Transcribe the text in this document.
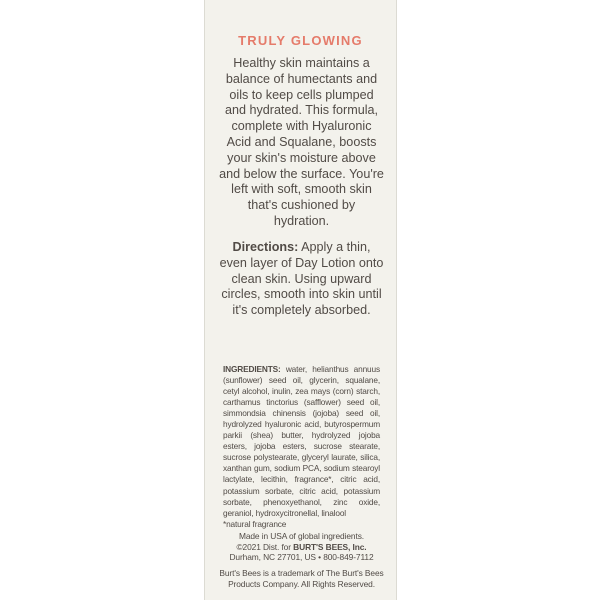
TRULY GLOWING

Healthy skin maintains a balance of humectants and oils to keep cells plumped and hydrated. This formula, complete with Hyaluronic Acid and Squalane, boosts your skin's moisture above and below the surface. You're left with soft, smooth skin that's cushioned by hydration.

Directions: Apply a thin, even layer of Day Lotion onto clean skin. Using upward circles, smooth into skin until it's completely absorbed.

INGREDIENTS: water, helianthus annuus (sunflower) seed oil, glycerin, squalane, cetyl alcohol, inulin, zea mays (corn) starch, carthamus tinctorius (safflower) seed oil, simmondsia chinensis (jojoba) seed oil, hydrolyzed hyaluronic acid, butyrospermum parkii (shea) butter, hydrolyzed jojoba esters, jojoba esters, sucrose stearate, sucrose polystearate, glyceryl laurate, silica, xanthan gum, sodium PCA, sodium stearoyl lactylate, lecithin, fragrance*, citric acid, potassium sorbate, citric acid, potassium sorbate, phenoxyethanol, zinc oxide, geraniol, hydroxycitronellal, linalool
*natural fragrance

Made in USA of global ingredients.
©2021 Dist. for BURT'S BEES, Inc.
Durham, NC 27701, US • 800-849-7112

Burt's Bees is a trademark of The Burt's Bees Products Company. All Rights Reserved.
